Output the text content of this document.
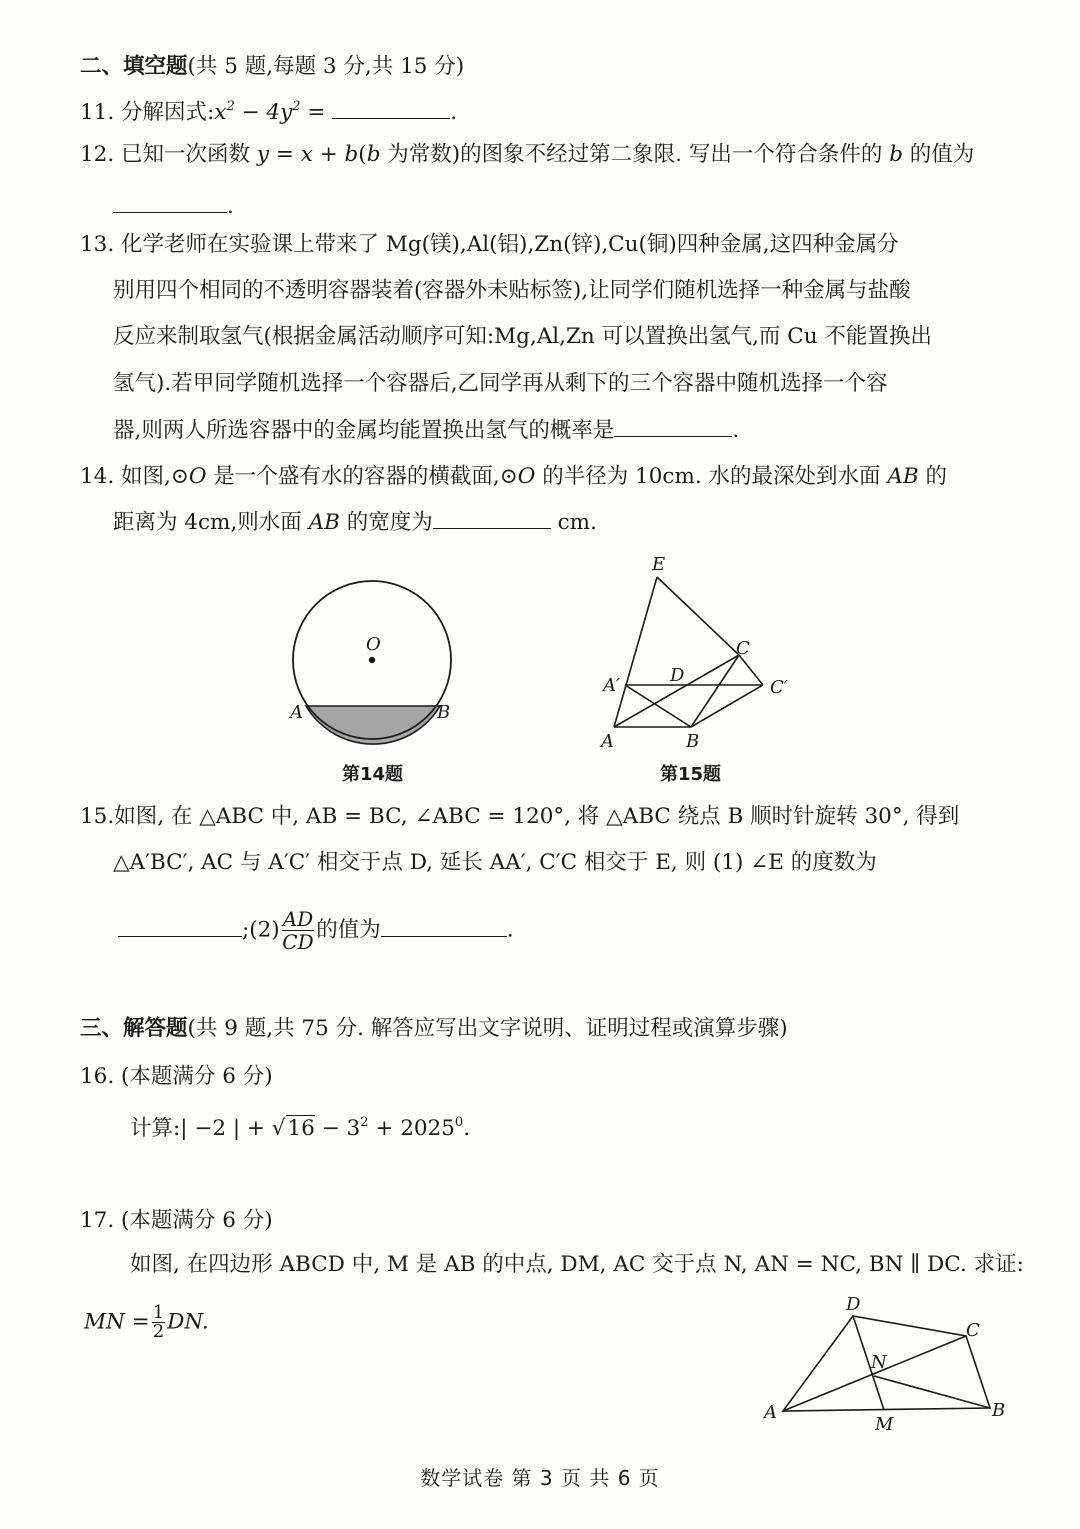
二、填空题(共 5 题,每题 3 分,共 15 分)
11. 分解因式$:x^2 - 4y^2$ =	.
12. 已知一次函数 y = x + b(b 为常数)的图象不经过第二象限. 写出一个符合条件的 b 的值为
.
13. 化学老师在实验课上带来了 Mg(镁),Al(铝),Zn(锌),Cu(铜)四种金属,这四种金属分
别用四个相同的不透明容器装着(容器外未贴标签),让同学们随机选择一种金属与盐酸
反应来制取氢气(根据金属活动顺序可知:Mg,Al,Zn 可以置换出氢气,而 Cu 不能置换出
氢气).若甲同学随机选择一个容器后,乙同学再从剩下的三个容器中随机选择一个容
器,则两人所选容器中的金属均能置换出氢气的概率是	.
14. 如图,⊙O 是一个盛有水的容器的横截面,⊙O 的半径为 10cm. 水的最深处到水面 AB 的
距离为 4cm,则水面 AB 的宽度为	cm.
O
A	B
第14题
E
C
A′	D
C′
A	B
第15题
15.如图, 在 △ABC 中, AB = BC, ∠ABC = 120°, 将 △ABC 绕点 B 顺时针旋转 30°, 得到
△A′BC′, AC 与 A′C′ 相交于点 D, 延长 AA′, C′C 相交于 E, 则 (1) ∠E 的度数为
;(2) $\frac{AD}{CD}$ 的值为	.
三、解答题(共 9 题,共 75 分. 解答应写出文字说明、证明过程或演算步骤)
16. (本题满分 6 分)
计算:| −2 | + $√16 - 3^2 + 2025^0$.
17. (本题满分 6 分)
如图, 在四边形 ABCD 中, M 是 AB 的中点, DM, AC 交于点 N, AN = NC, BN ∥ DC. 求证:
MN = $\frac{1}{2}$ DN.
D
C
N
A
M
B
数学试卷 第 3 页 共 6 页
